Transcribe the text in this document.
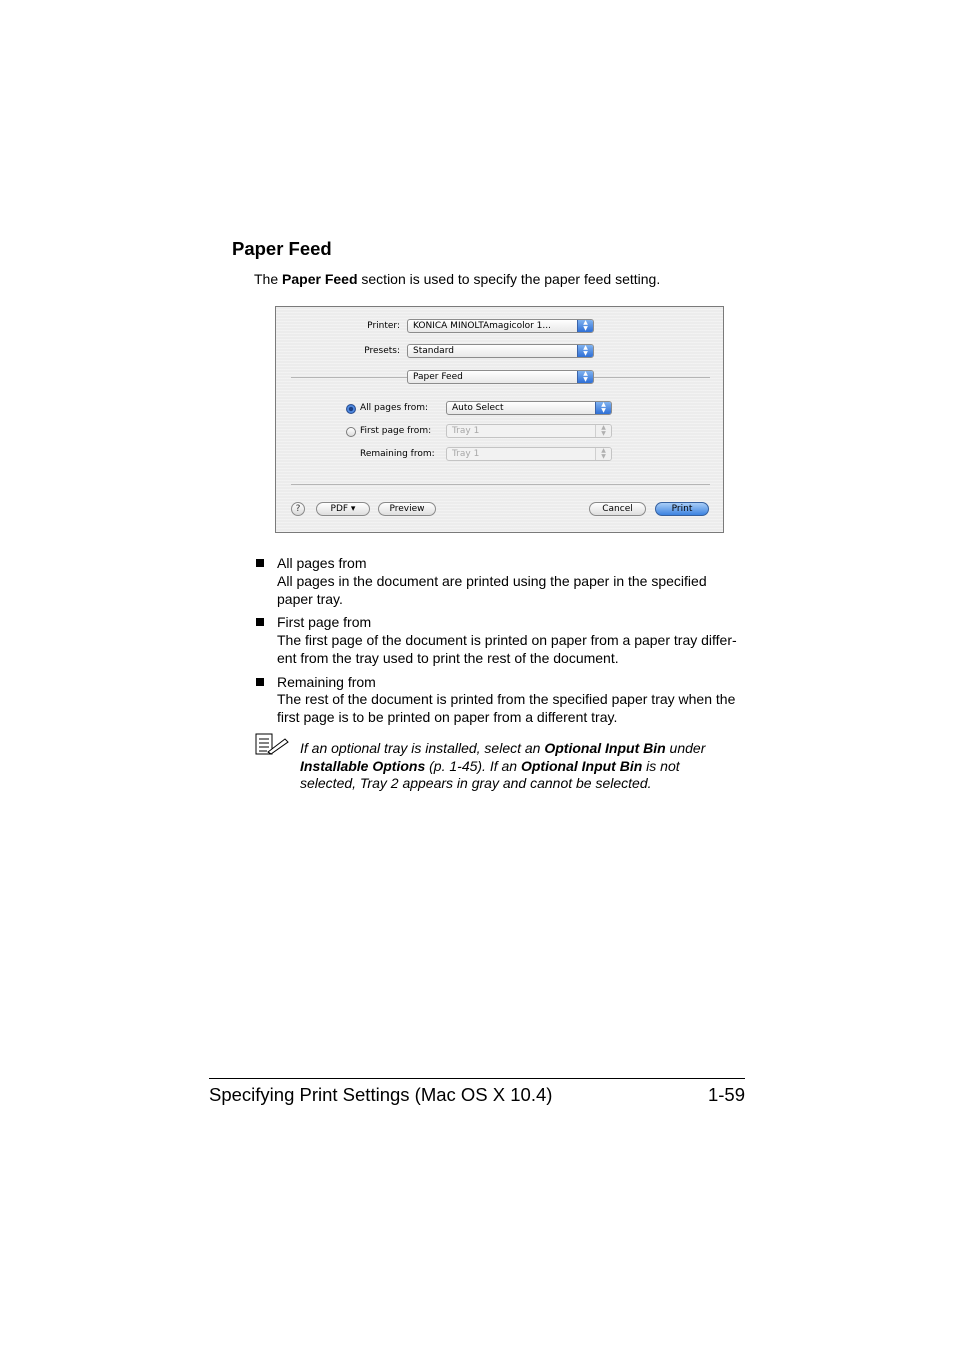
Paper Feed
The Paper Feed section is used to specify the paper feed setting.
Printer:	KONICA MINOLTAmagicolor 1...	▲
▼
Presets:	Standard	▲
▼
Paper Feed	▲
▼
All pages from:	Auto Select	▲
▼
First page from:	Tray 1	▲
▼
Remaining from:	Tray 1	▲
▼
?	PDF ▾	Preview	Cancel	Print
All pages from
All pages in the document are printed using the paper in the specified
paper tray.
First page from
The first page of the document is printed on paper from a paper tray differ-
ent from the tray used to print the rest of the document.
Remaining from
The rest of the document is printed from the specified paper tray when the
first page is to be printed on paper from a different tray.
If an optional tray is installed, select an Optional Input Bin under
Installable Options (p. 1-45). If an Optional Input Bin is not
selected, Tray 2 appears in gray and cannot be selected.
Specifying Print Settings (Mac OS X 10.4)	1-59
